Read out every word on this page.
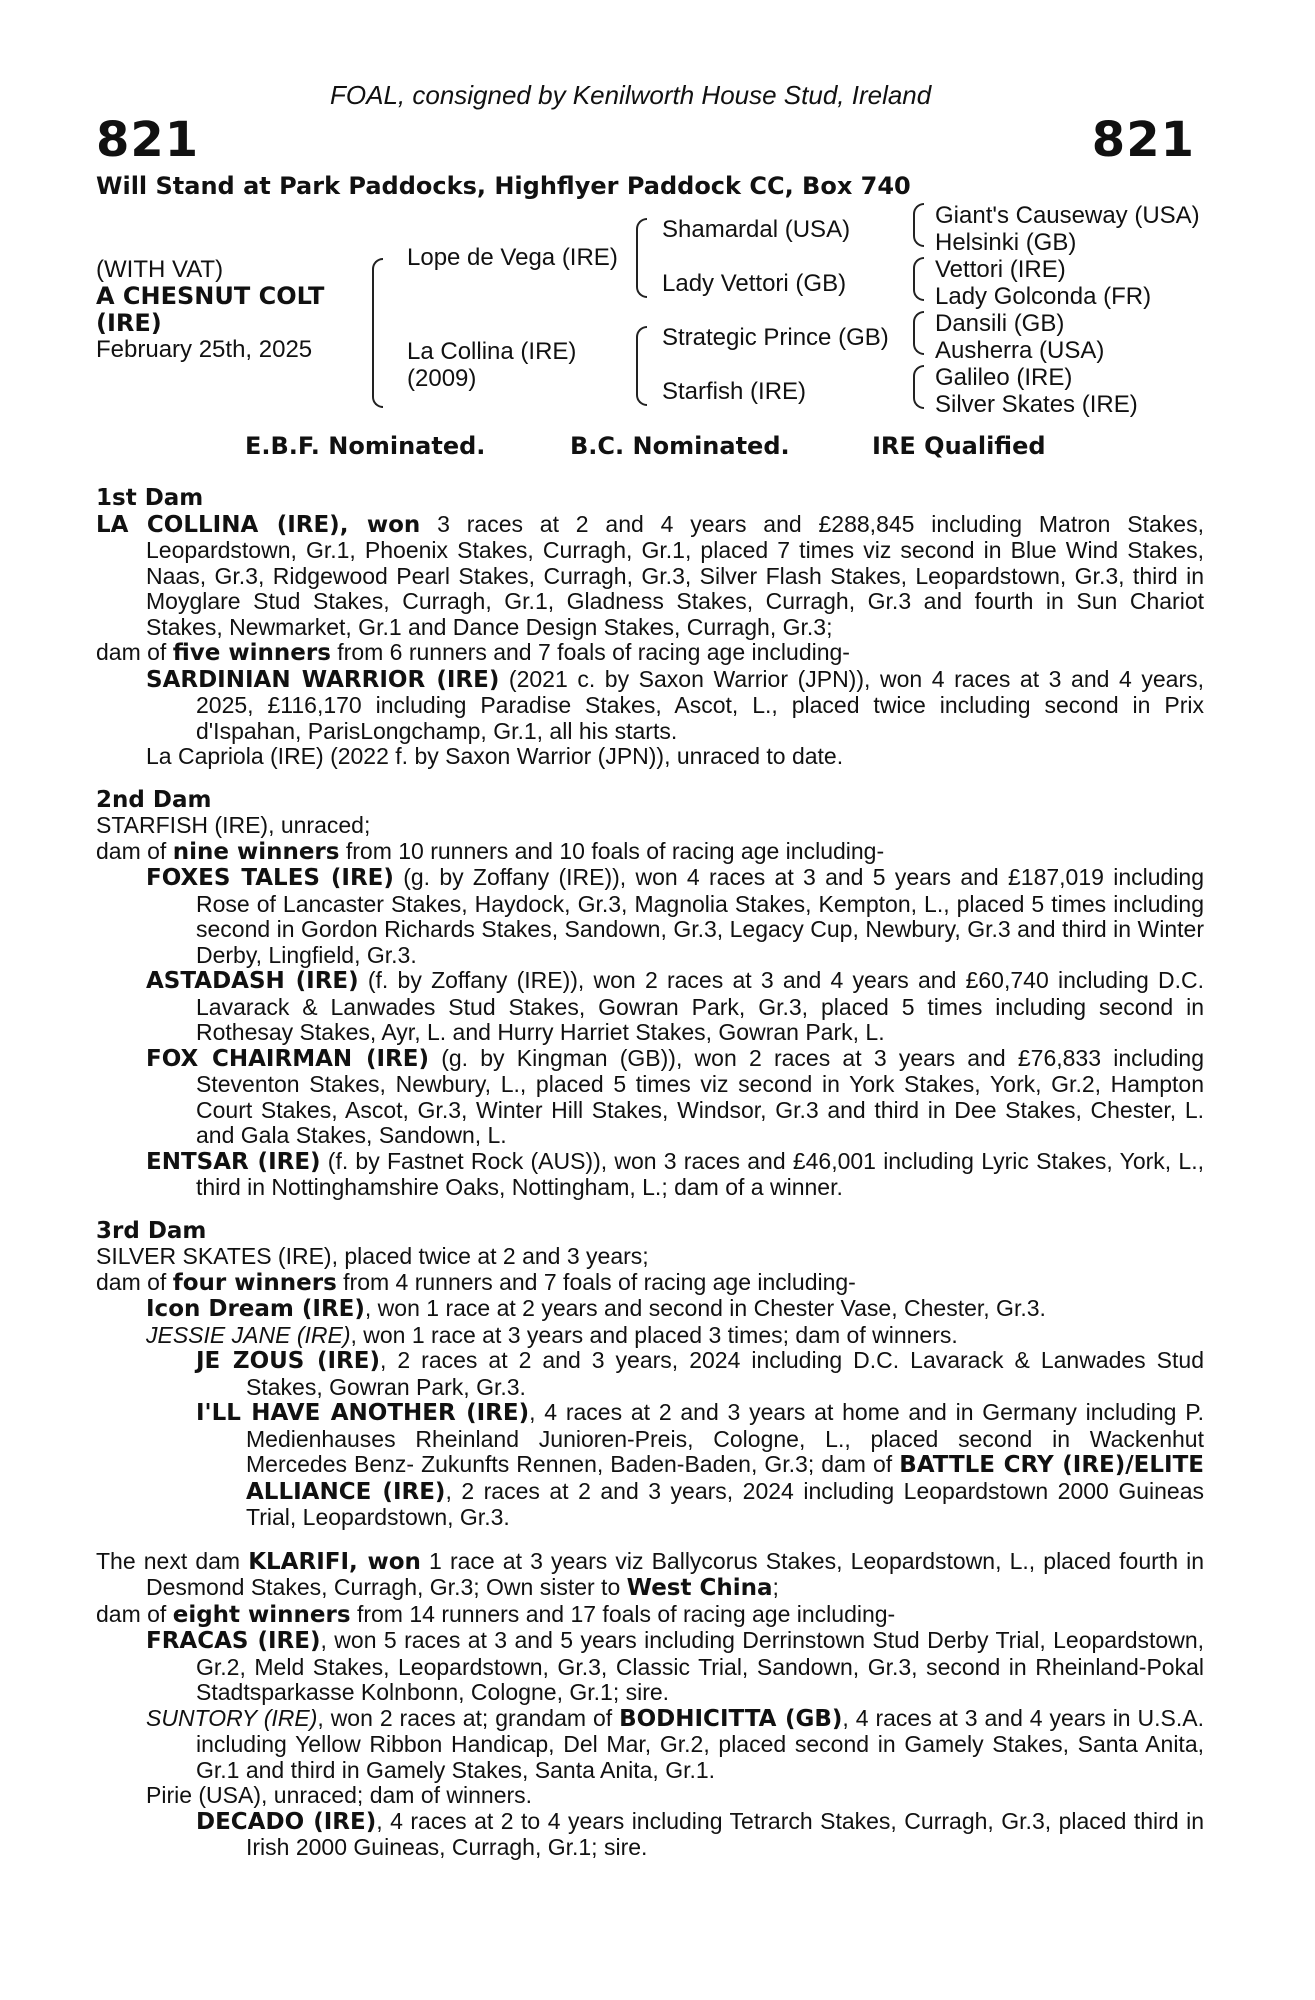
FOAL, consigned by Kenilworth House Stud, Ireland
821	821
Will Stand at Park Paddocks, Highflyer Paddock CC, Box 740
(WITH VAT)
A CHESNUT COLT
(IRE)
February 25th, 2025
Lope de Vega (IRE)
La Collina (IRE)
(2009)
Shamardal (USA)
Lady Vettori (GB)
Strategic Prince (GB)
Starfish (IRE)
Giant's Causeway (USA)
Helsinki (GB)
Vettori (IRE)
Lady Golconda (FR)
Dansili (GB)
Ausherra (USA)
Galileo (IRE)
Silver Skates (IRE)
E.B.F. Nominated.	B.C. Nominated.	IRE Qualified

1st Dam

LA COLLINA (IRE), won 3 races at 2 and 4 years and £288,845 including Matron Stakes, Leopardstown, Gr.1, Phoenix Stakes, Curragh, Gr.1, placed 7 times viz second in Blue Wind Stakes, Naas, Gr.3, Ridgewood Pearl Stakes, Curragh, Gr.3, Silver Flash Stakes, Leopardstown, Gr.3, third in Moyglare Stud Stakes, Curragh, Gr.1, Gladness Stakes, Curragh, Gr.3 and fourth in Sun Chariot Stakes, Newmarket, Gr.1 and Dance Design Stakes, Curragh, Gr.3;

dam of five winners from 6 runners and 7 foals of racing age including-

SARDINIAN WARRIOR (IRE) (2021 c. by Saxon Warrior (JPN)), won 4 races at 3 and 4 years, 2025, £116,170 including Paradise Stakes, Ascot, L., placed twice including second in Prix d'Ispahan, ParisLongchamp, Gr.1, all his starts.

La Capriola (IRE) (2022 f. by Saxon Warrior (JPN)), unraced to date.

2nd Dam

STARFISH (IRE), unraced;

dam of nine winners from 10 runners and 10 foals of racing age including-

FOXES TALES (IRE) (g. by Zoffany (IRE)), won 4 races at 3 and 5 years and £187,019 including Rose of Lancaster Stakes, Haydock, Gr.3, Magnolia Stakes, Kempton, L., placed 5 times including second in Gordon Richards Stakes, Sandown, Gr.3, Legacy Cup, Newbury, Gr.3 and third in Winter Derby, Lingfield, Gr.3.

ASTADASH (IRE) (f. by Zoffany (IRE)), won 2 races at 3 and 4 years and £60,740 including D.C. Lavarack & Lanwades Stud Stakes, Gowran Park, Gr.3, placed 5 times including second in Rothesay Stakes, Ayr, L. and Hurry Harriet Stakes, Gowran Park, L.

FOX CHAIRMAN (IRE) (g. by Kingman (GB)), won 2 races at 3 years and £76,833 including Steventon Stakes, Newbury, L., placed 5 times viz second in York Stakes, York, Gr.2, Hampton Court Stakes, Ascot, Gr.3, Winter Hill Stakes, Windsor, Gr.3 and third in Dee Stakes, Chester, L. and Gala Stakes, Sandown, L.

ENTSAR (IRE) (f. by Fastnet Rock (AUS)), won 3 races and £46,001 including Lyric Stakes, York, L., third in Nottinghamshire Oaks, Nottingham, L.; dam of a winner.

3rd Dam

SILVER SKATES (IRE), placed twice at 2 and 3 years;

dam of four winners from 4 runners and 7 foals of racing age including-

Icon Dream (IRE), won 1 race at 2 years and second in Chester Vase, Chester, Gr.3.

JESSIE JANE (IRE), won 1 race at 3 years and placed 3 times; dam of winners.

JE ZOUS (IRE), 2 races at 2 and 3 years, 2024 including D.C. Lavarack & Lanwades Stud Stakes, Gowran Park, Gr.3.

I'LL HAVE ANOTHER (IRE), 4 races at 2 and 3 years at home and in Germany including P. Medienhauses Rheinland Junioren-Preis, Cologne, L., placed second in Wackenhut Mercedes Benz- Zukunfts Rennen, Baden-Baden, Gr.3; dam of BATTLE CRY (IRE)/ELITE ALLIANCE (IRE), 2 races at 2 and 3 years, 2024 including Leopardstown 2000 Guineas Trial, Leopardstown, Gr.3.

The next dam KLARIFI, won 1 race at 3 years viz Ballycorus Stakes, Leopardstown, L., placed fourth in Desmond Stakes, Curragh, Gr.3; Own sister to West China;

dam of eight winners from 14 runners and 17 foals of racing age including-

FRACAS (IRE), won 5 races at 3 and 5 years including Derrinstown Stud Derby Trial, Leopardstown, Gr.2, Meld Stakes, Leopardstown, Gr.3, Classic Trial, Sandown, Gr.3, second in Rheinland-Pokal Stadtsparkasse Kolnbonn, Cologne, Gr.1; sire.

SUNTORY (IRE), won 2 races at; grandam of BODHICITTA (GB), 4 races at 3 and 4 years in U.S.A. including Yellow Ribbon Handicap, Del Mar, Gr.2, placed second in Gamely Stakes, Santa Anita, Gr.1 and third in Gamely Stakes, Santa Anita, Gr.1.

Pirie (USA), unraced; dam of winners.

DECADO (IRE), 4 races at 2 to 4 years including Tetrarch Stakes, Curragh, Gr.3, placed third in Irish 2000 Guineas, Curragh, Gr.1; sire.
